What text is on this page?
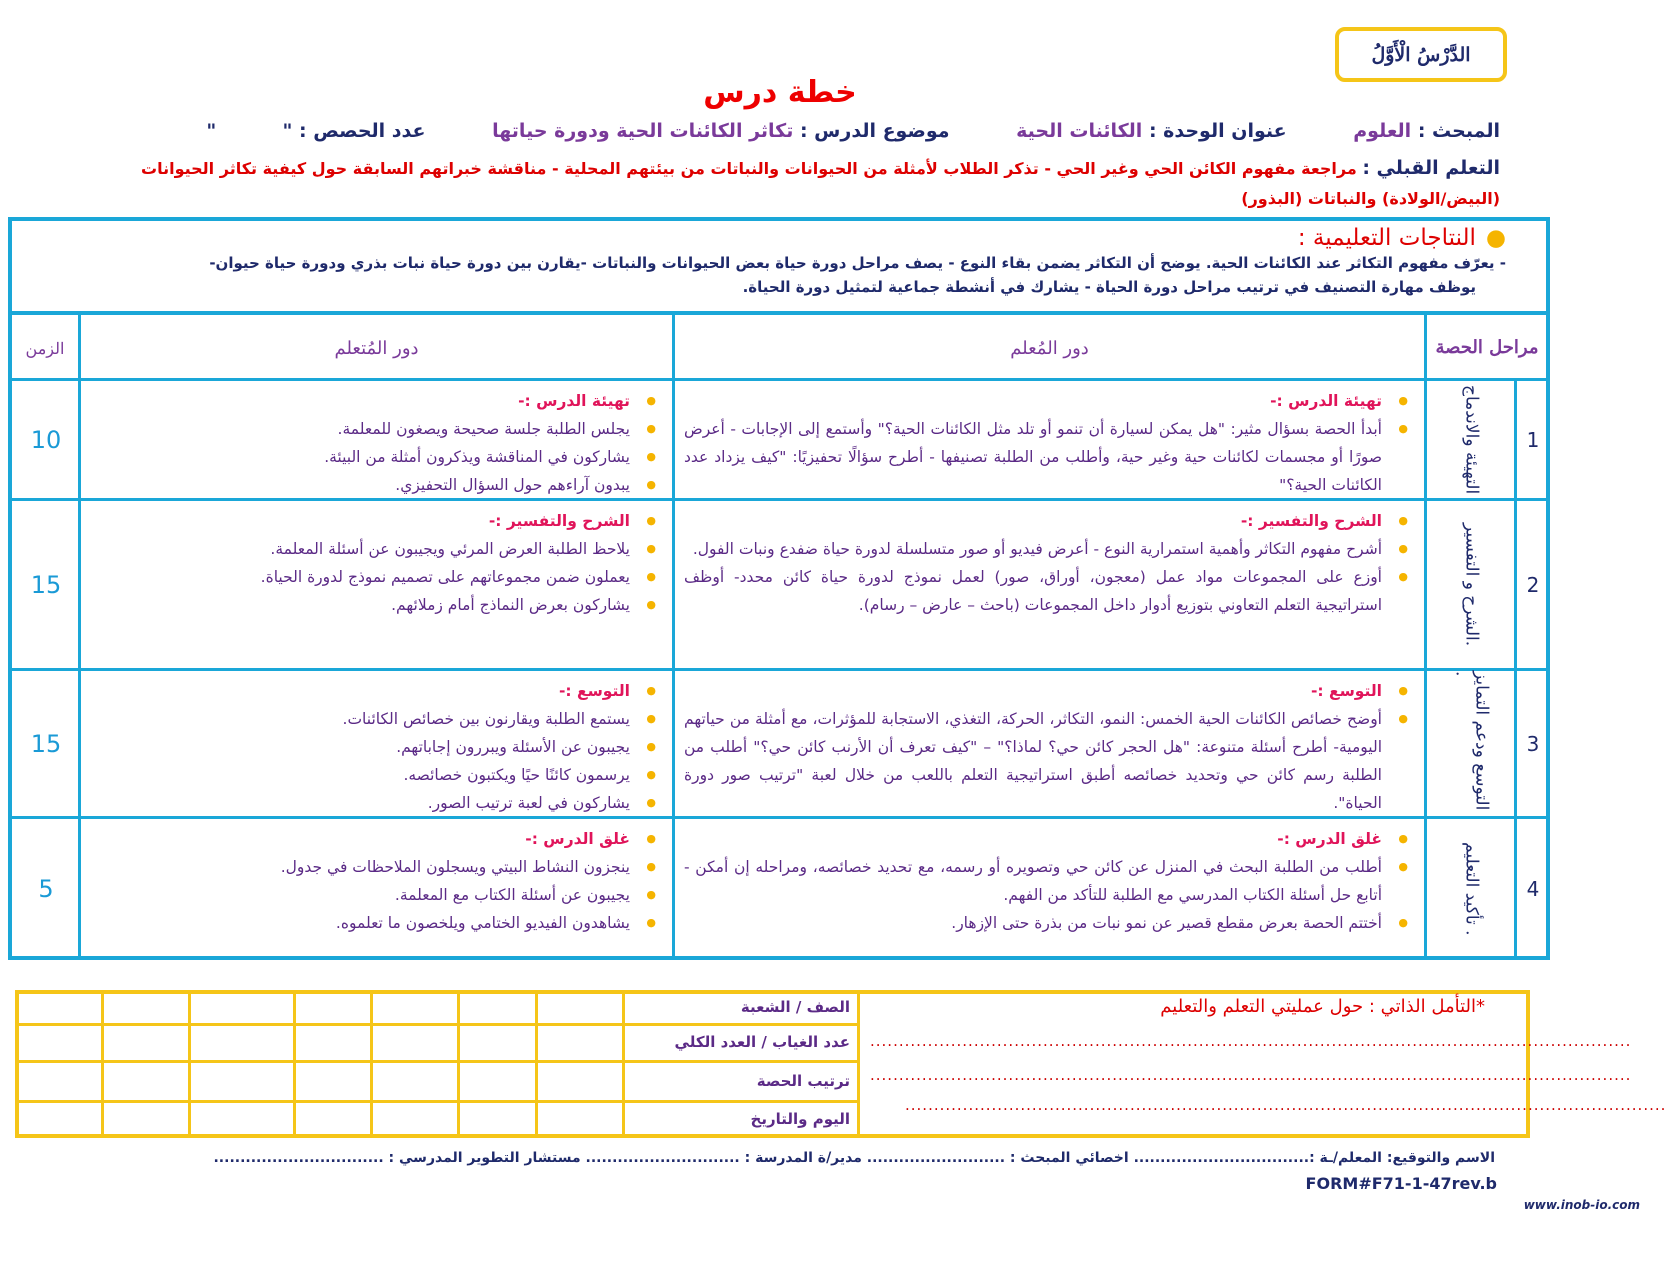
الدَّرْسُ الْأَوَّلُ
خطة درس
المبحث : العلوم عنوان الوحدة : الكائنات الحية موضوع الدرس : تكاثر الكائنات الحية ودورة حياتها عدد الحصص : "          "
التعلم القبلي : مراجعة مفهوم الكائن الحي وغير الحي - تذكر الطلاب لأمثلة من الحيوانات والنباتات من بيئتهم المحلية - مناقشة خبراتهم السابقة حول كيفية تكاثر الحيوانات (البيض/الولادة) والنباتات (البذور)
●النتاجات التعليمية :

- يعرّف مفهوم التكاثر عند الكائنات الحية. يوضح أن التكاثر يضمن بقاء النوع - يصف مراحل دورة حياة بعض الحيوانات والنباتات -يقارن بين دورة حياة نبات بذري ودورة حياة حيوان-

يوظف مهارة التصنيف في ترتيب مراحل دورة الحياة - يشارك في أنشطة جماعية لتمثيل دورة الحياة.

مراحل الحصة
دور المُعلم
دور المُتعلم
الزمن
1
التهيئة والاندماج
10
● تهيئة الدرس :-
● أبدأ الحصة بسؤال مثير: "هل يمكن لسيارة أن تنمو أو تلد مثل الكائنات الحية؟" وأستمع إلى الإجابات - أعرض صورًا أو مجسمات لكائنات حية وغير حية، وأطلب من الطلبة تصنيفها - أطرح سؤالًا تحفيزيًا: "كيف يزداد عدد الكائنات الحية؟"
● تهيئة الدرس :-
● يجلس الطلبة جلسة صحيحة ويصغون للمعلمة.
● يشاركون في المناقشة ويذكرون أمثلة من البيئة.
● يبدون آراءهم حول السؤال التحفيزي.
2
الشرح و التفسير.
15
● الشرح والتفسير :-
● أشرح مفهوم التكاثر وأهمية استمرارية النوع - أعرض فيديو أو صور متسلسلة لدورة حياة ضفدع ونبات الفول.
● أوزع على المجموعات مواد عمل (معجون، أوراق، صور) لعمل نموذج لدورة حياة كائن محدد- أوظف استراتيجية التعلم التعاوني بتوزيع أدوار داخل المجموعات (باحث – عارض – رسام).
● الشرح والتفسير :-
● يلاحظ الطلبة العرض المرئي ويجيبون عن أسئلة المعلمة.
● يعملون ضمن مجموعاتهم على تصميم نموذج لدورة الحياة.
● يشاركون بعرض النماذج أمام زملائهم.
3
التوسع ودعم التمايز .
15
● التوسع :-
● أوضح خصائص الكائنات الحية الخمس: النمو، التكاثر، الحركة، التغذي، الاستجابة للمؤثرات، مع أمثلة من حياتهم اليومية- أطرح أسئلة متنوعة: "هل الحجر كائن حي؟ لماذا؟" – "كيف تعرف أن الأرنب كائن حي؟" أطلب من الطلبة رسم كائن حي وتحديد خصائصه أطبق استراتيجية التعلم باللعب من خلال لعبة "ترتيب صور دورة الحياة".
● التوسع :-
● يستمع الطلبة ويقارنون بين خصائص الكائنات.
● يجيبون عن الأسئلة ويبررون إجاباتهم.
● يرسمون كائنًا حيًا ويكتبون خصائصه.
● يشاركون في لعبة ترتيب الصور.
4
تأكيد التعليم .
5
● غلق الدرس :-
● أطلب من الطلبة البحث في المنزل عن كائن حي وتصويره أو رسمه، مع تحديد خصائصه، ومراحله إن أمكن - أتابع حل أسئلة الكتاب المدرسي مع الطلبة للتأكد من الفهم.
● أختتم الحصة بعرض مقطع قصير عن نمو نبات من بذرة حتى الإزهار.
● غلق الدرس :-
● ينجزون النشاط البيتي ويسجلون الملاحظات في جدول.
● يجيبون عن أسئلة الكتاب مع المعلمة.
● يشاهدون الفيديو الختامي ويلخصون ما تعلموه.
الصف / الشعبة
عدد الغياب / العدد الكلي
ترتيب الحصة
اليوم والتاريخ
*التأمل الذاتي : حول عمليتي التعلم والتعليم
....................................................................................................................................
....................................................................................................................................
....................................................................................................................................
الاسم والتوقيع: المعلم/ـة :................................. اخصائي المبحث : .......................... مدير/ة المدرسة : ............................. مستشار التطوير المدرسي : ................................
FORM#F71-1-47rev.b
www.inob-io.com
